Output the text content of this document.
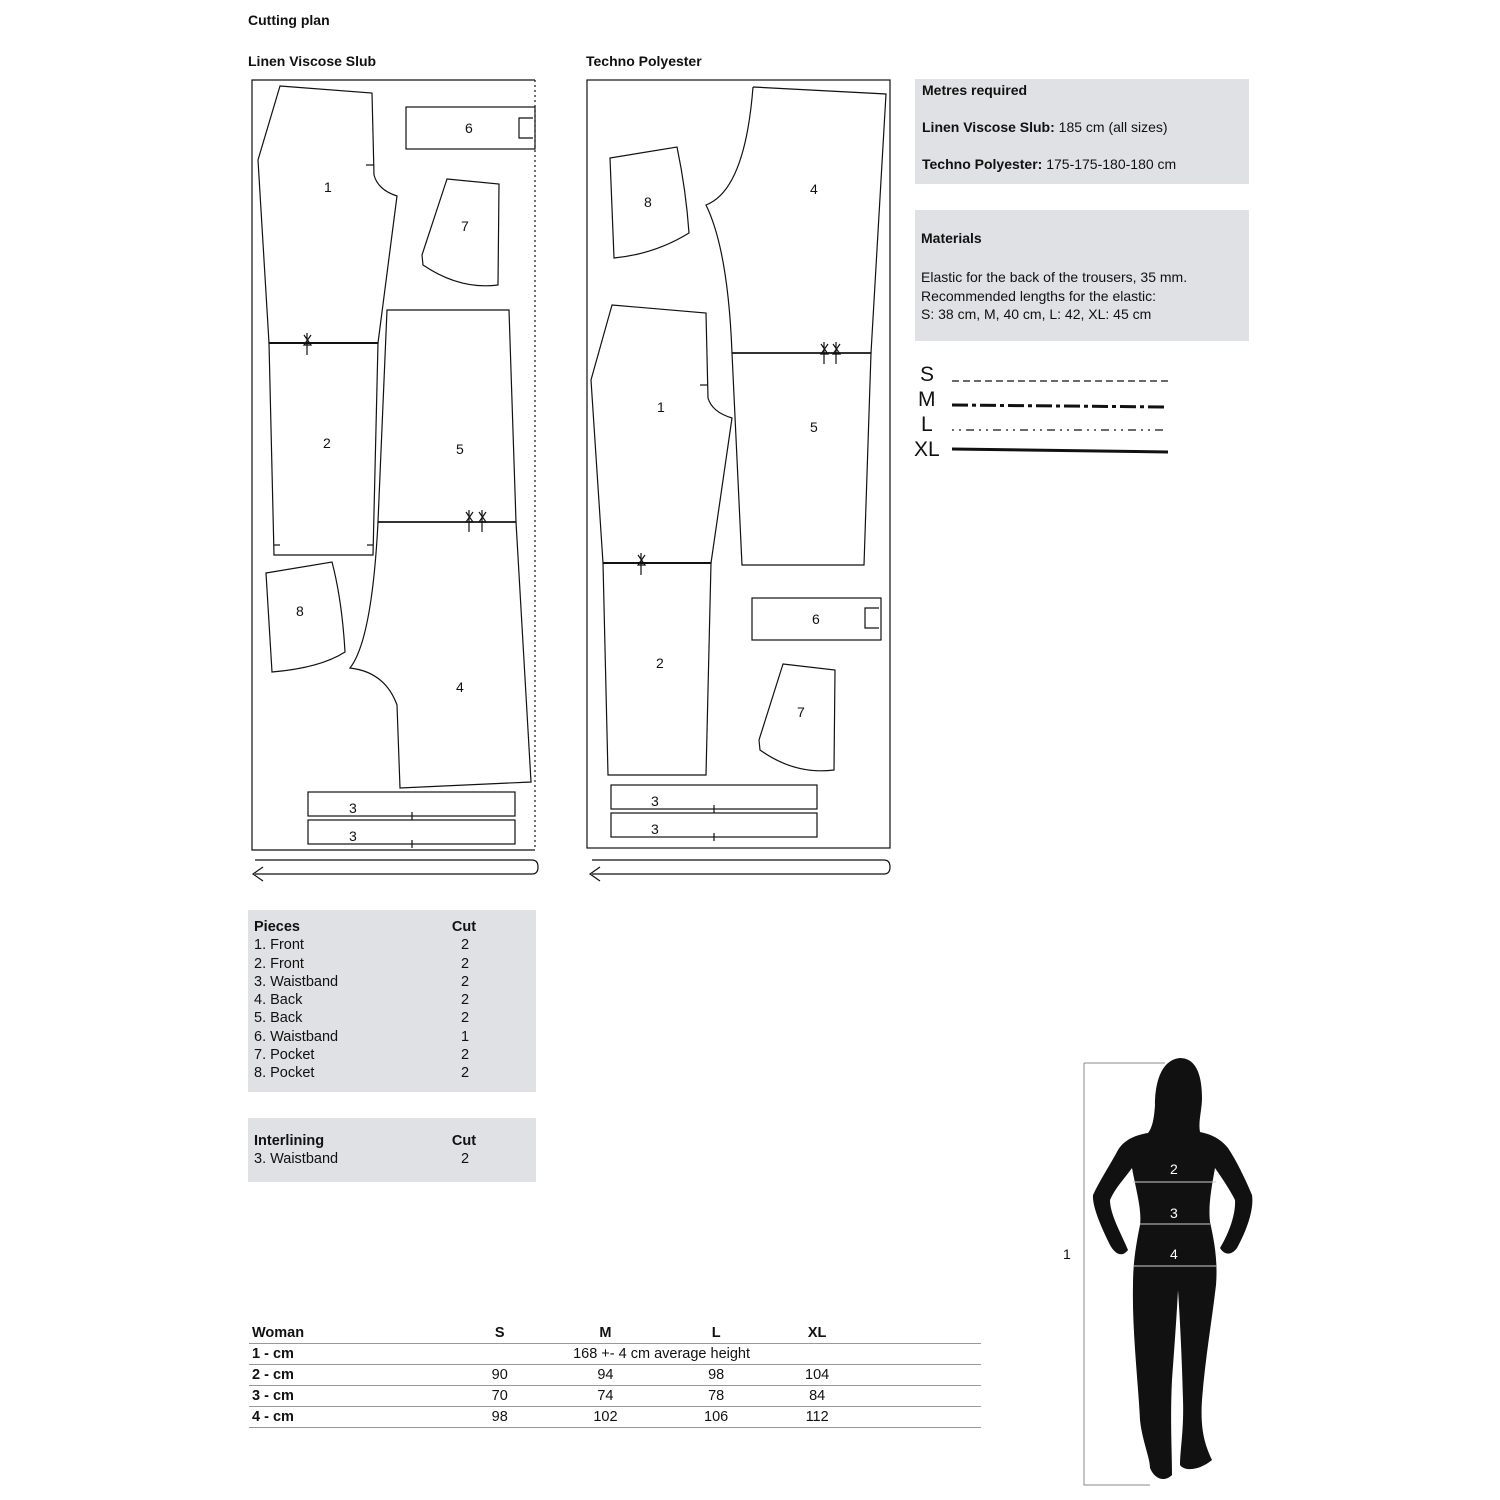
Cutting plan
Linen Viscose Slub	Techno Polyester
1
2	5
4
6
7
8
3
3
8
4
5
1
2
6
7
3
3
Metres required
Linen Viscose Slub: 185 cm (all sizes)
Techno Polyester: 175-175-180-180 cm
Materials
Elastic for the back of the trousers, 35 mm.
Recommended lengths for the elastic:
S: 38 cm, M, 40 cm, L: 42, XL: 45 cm
S
M
L
XL
Pieces	Cut
1. Front	2
2. Front	2
3. Waistband	2
4. Back	2
5. Back	2
6. Waistband	1
7. Pocket	2
8. Pocket	2
Interlining	Cut
3. Waistband	2
Woman	S	M	L	XL	
1 - cm		168 +- 4 cm average height			
2 - cm	90	94	98	104	
3 - cm	70	74	78	84	
4 - cm	98	102	106	112	
1
2
3
4
